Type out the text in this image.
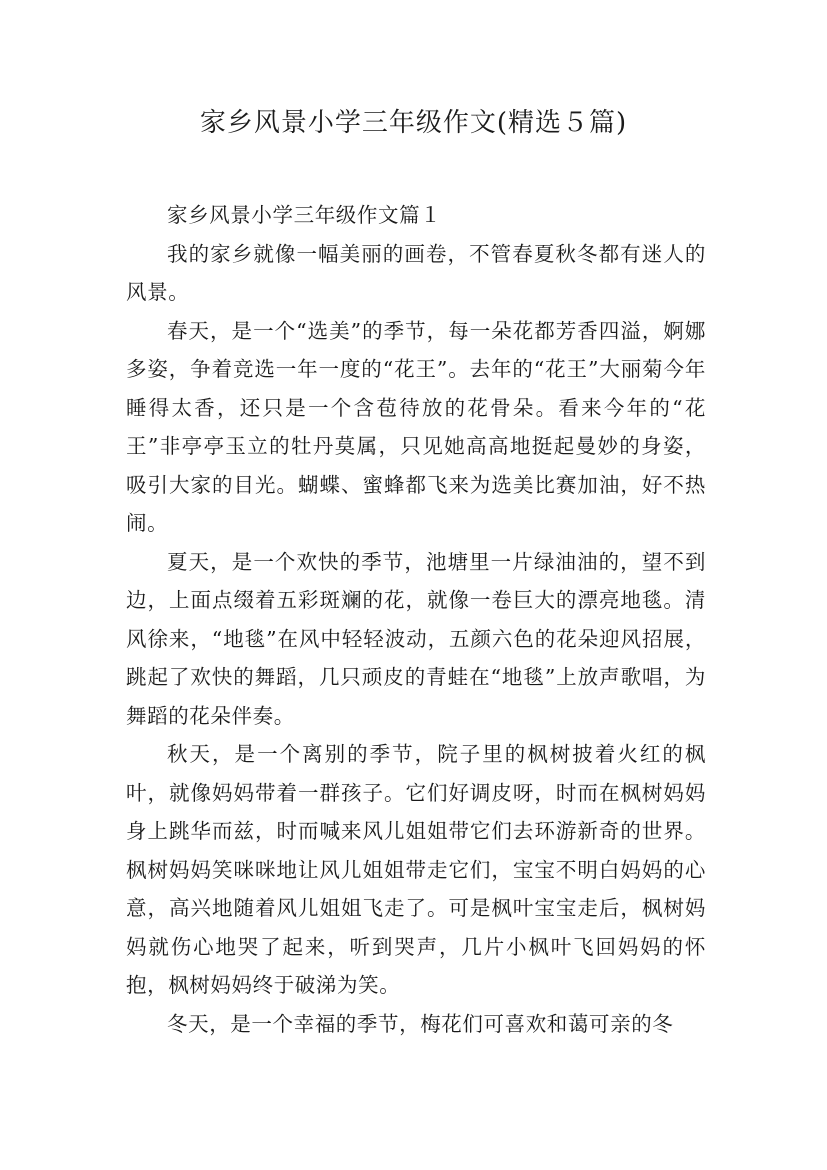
家乡风景小学三年级作文(精选５篇)

家乡风景小学三年级作文篇１

我的家乡就像一幅美丽的画卷，不管春夏秋冬都有迷人的风景。

春天，是一个“选美”的季节，每一朵花都芳香四溢，婀娜多姿，争着竞选一年一度的“花王”。去年的“花王”大丽菊今年睡得太香，还只是一个含苞待放的花骨朵。看来今年的“花王”非亭亭玉立的牡丹莫属，只见她高高地挺起曼妙的身姿，吸引大家的目光。蝴蝶、蜜蜂都飞来为选美比赛加油，好不热闹。

夏天，是一个欢快的季节，池塘里一片绿油油的，望不到边，上面点缀着五彩斑斓的花，就像一卷巨大的漂亮地毯。清风徐来，“地毯”在风中轻轻波动，五颜六色的花朵迎风招展，跳起了欢快的舞蹈，几只顽皮的青蛙在“地毯”上放声歌唱，为舞蹈的花朵伴奏。

秋天，是一个离别的季节，院子里的枫树披着火红的枫叶，就像妈妈带着一群孩子。它们好调皮呀，时而在枫树妈妈身上跳华而兹，时而喊来风儿姐姐带它们去环游新奇的世界。枫树妈妈笑咪咪地让风儿姐姐带走它们，宝宝不明白妈妈的心意，高兴地随着风儿姐姐飞走了。可是枫叶宝宝走后，枫树妈妈就伤心地哭了起来，听到哭声，几片小枫叶飞回妈妈的怀抱，枫树妈妈终于破涕为笑。

冬天，是一个幸福的季节，梅花们可喜欢和蔼可亲的冬
